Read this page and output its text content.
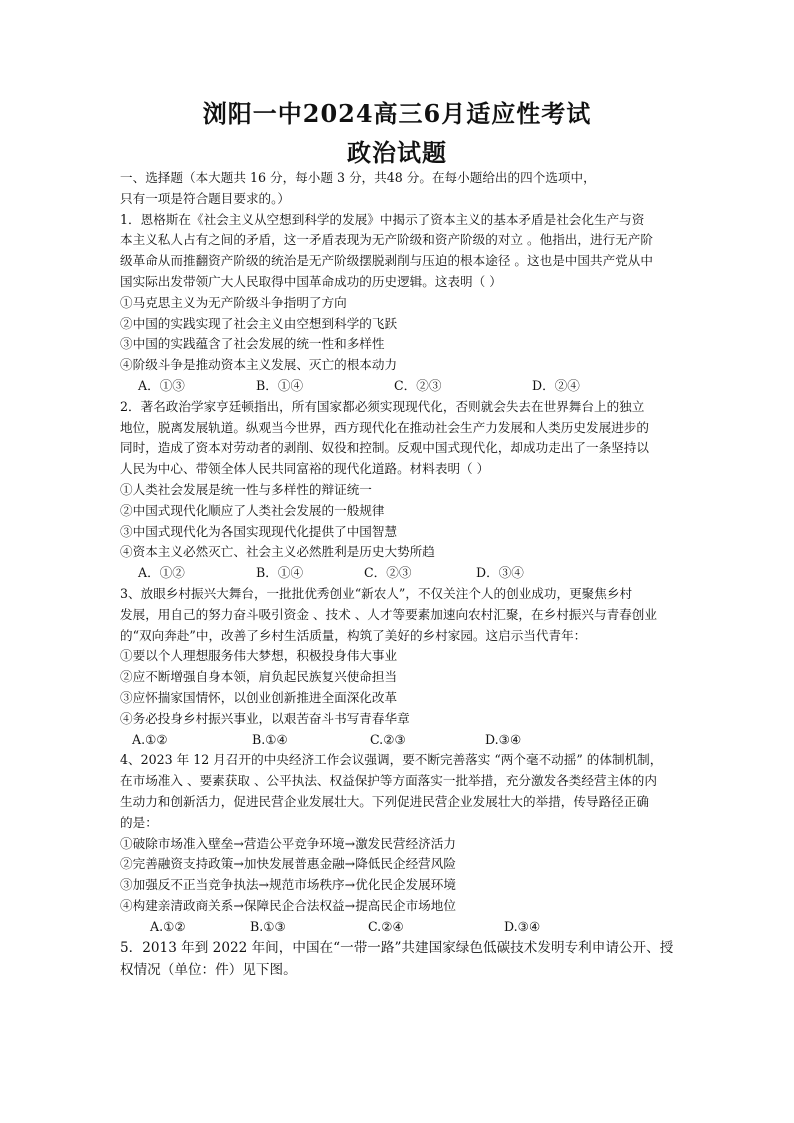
浏阳一中2024高三6月适应性考试
政治试题
一、选择题（本大题共 16 分，每小题 3 分，共48 分。在每小题给出的四个选项中，
只有一项是符合题目要求的。）
1．恩格斯在《社会主义从空想到科学的发展》中揭示了资本主义的基本矛盾是社会化生产与资
本主义私人占有之间的矛盾，这一矛盾表现为无产阶级和资产阶级的对立 。他指出，进行无产阶
级革命从而推翻资产阶级的统治是无产阶级摆脱剥削与压迫的根本途径 。这也是中国共产党从中
国实际出发带领广大人民取得中国革命成功的历史逻辑。这表明（ ）
①马克思主义为无产阶级斗争指明了方向
②中国的实践实现了社会主义由空想到科学的飞跃
③中国的实践蕴含了社会发展的统一性和多样性
④阶级斗争是推动资本主义发展、灭亡的根本动力
A．①③	B．①④	C．②③	D．②④
2．著名政治学家亨廷顿指出，所有国家都必须实现现代化，否则就会失去在世界舞台上的独立
地位，脱离发展轨道。纵观当今世界，西方现代化在推动社会生产力发展和人类历史发展进步的
同时，造成了资本对劳动者的剥削、奴役和控制。反观中国式现代化，却成功走出了一条坚持以
人民为中心、带领全体人民共同富裕的现代化道路。材料表明（ ）
①人类社会发展是统一性与多样性的辩证统一
②中国式现代化顺应了人类社会发展的一般规律
③中国式现代化为各国实现现代化提供了中国智慧
④资本主义必然灭亡、社会主义必然胜利是历史大势所趋
A．①②	B．①④	C．②③	D．③④
3、放眼乡村振兴大舞台，一批批优秀创业“新农人”，不仅关注个人的创业成功，更聚焦乡村
发展，用自己的努力奋斗吸引资金 、技术 、人才等要素加速向农村汇聚，在乡村振兴与青春创业
的“双向奔赴”中，改善了乡村生活质量，构筑了美好的乡村家园。这启示当代青年：
①要以个人理想服务伟大梦想，积极投身伟大事业
②应不断增强自身本领，肩负起民族复兴使命担当
③应怀揣家国情怀，以创业创新推进全面深化改革
④务必投身乡村振兴事业，以艰苦奋斗书写青春华章
A.①②	B.①④	C.②③	D.③④
4、2023 年 12 月召开的中央经济工作会议强调，要不断完善落实 “两个毫不动摇” 的体制机制，
在市场准入 、要素获取 、公平执法、权益保护等方面落实一批举措，充分激发各类经营主体的内
生动力和创新活力，促进民营企业发展壮大。下列促进民营企业发展壮大的举措，传导路径正确
的是：
①破除市场准入壁垒→营造公平竞争环境→激发民营经济活力
②完善融资支持政策→加快发展普惠金融→降低民企经营风险
③加强反不正当竞争执法→规范市场秩序→优化民企发展环境
④构建亲清政商关系→保障民企合法权益→提高民企市场地位
A.①②	B.①③	C.②④	D.③④
5．2013 年到 2022 年间，中国在“一带一路”共建国家绿色低碳技术发明专利申请公开、授
权情况（单位：件）见下图。
